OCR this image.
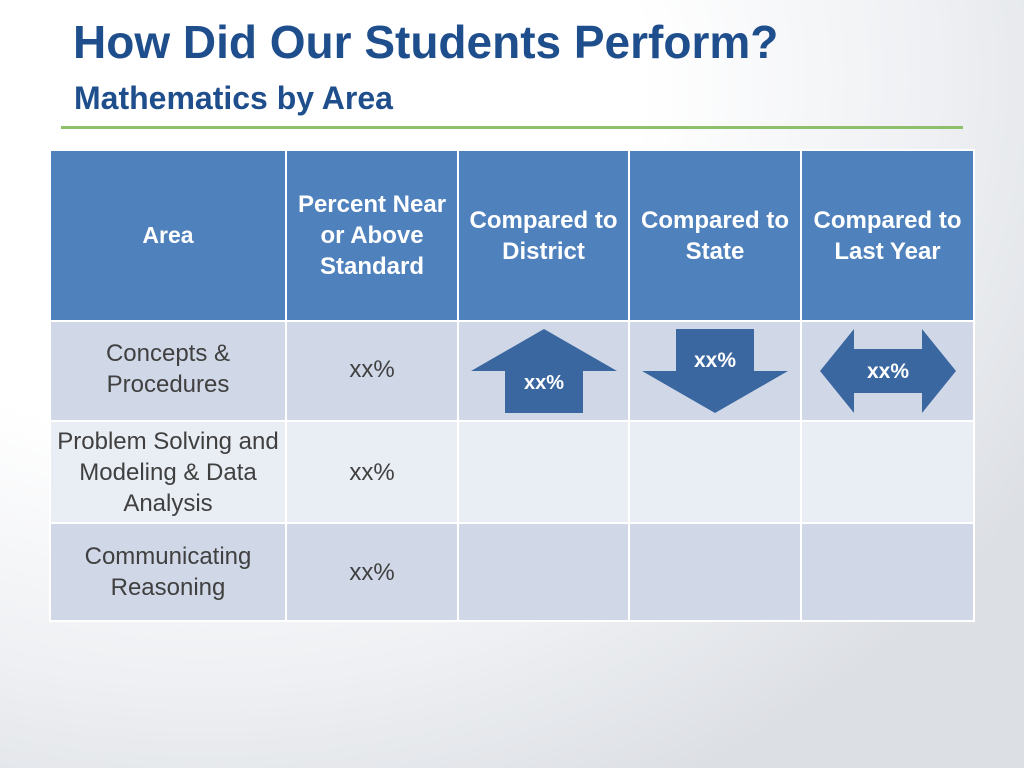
How Did Our Students Perform?
Mathematics by Area
Area	Percent Near or Above Standard	Compared to District	Compared to State	Compared to Last Year
Concepts & Procedures	xx%	xx%	xx%	xx%

Problem Solving and Modeling & Data Analysis	xx%			
Communicating Reasoning	xx%			
